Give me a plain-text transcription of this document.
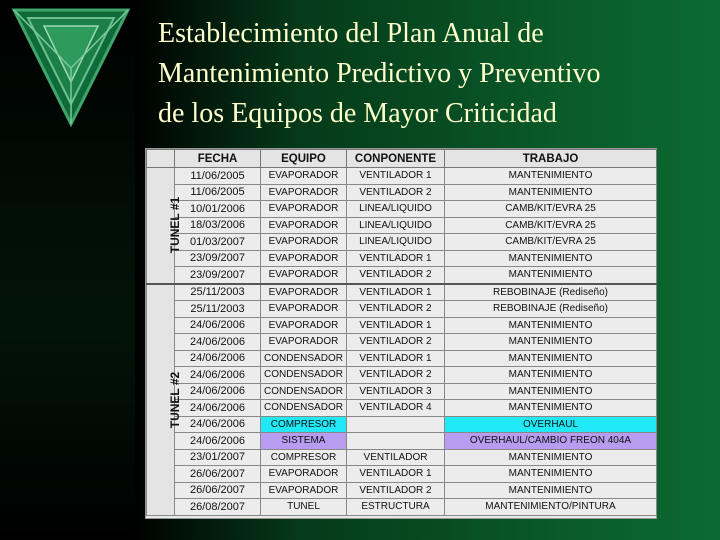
Establecimiento del Plan Anual de
Mantenimiento Predictivo y Preventivo
de los Equipos de Mayor Criticidad
	FECHA	EQUIPO	CONPONENTE	TRABAJO
TUNEL #1	11/06/2005	EVAPORADOR	VENTILADOR 1	MANTENIMIENTO
	11/06/2005	EVAPORADOR	VENTILADOR 2	MANTENIMIENTO
	10/01/2006	EVAPORADOR	LINEA/LIQUIDO	CAMB/KIT/EVRA 25
	18/03/2006	EVAPORADOR	LINEA/LIQUIDO	CAMB/KIT/EVRA 25
	01/03/2007	EVAPORADOR	LINEA/LIQUIDO	CAMB/KIT/EVRA 25
	23/09/2007	EVAPORADOR	VENTILADOR 1	MANTENIMIENTO
	23/09/2007	EVAPORADOR	VENTILADOR 2	MANTENIMIENTO
TUNEL #2	25/11/2003	EVAPORADOR	VENTILADOR 1	REBOBINAJE (Rediseño)
	25/11/2003	EVAPORADOR	VENTILADOR 2	REBOBINAJE (Rediseño)
	24/06/2006	EVAPORADOR	VENTILADOR 1	MANTENIMIENTO
	24/06/2006	EVAPORADOR	VENTILADOR 2	MANTENIMIENTO
	24/06/2006	CONDENSADOR	VENTILADOR 1	MANTENIMIENTO
	24/06/2006	CONDENSADOR	VENTILADOR 2	MANTENIMIENTO
	24/06/2006	CONDENSADOR	VENTILADOR 3	MANTENIMIENTO
	24/06/2006	CONDENSADOR	VENTILADOR 4	MANTENIMIENTO
	24/06/2006	COMPRESOR		OVERHAUL
	24/06/2006	SISTEMA		OVERHAUL/CAMBIO FREON 404A
	23/01/2007	COMPRESOR	VENTILADOR	MANTENIMIENTO
	26/06/2007	EVAPORADOR	VENTILADOR 1	MANTENIMIENTO
	26/06/2007	EVAPORADOR	VENTILADOR 2	MANTENIMIENTO
	26/08/2007	TUNEL	ESTRUCTURA	MANTENIMIENTO/PINTURA
